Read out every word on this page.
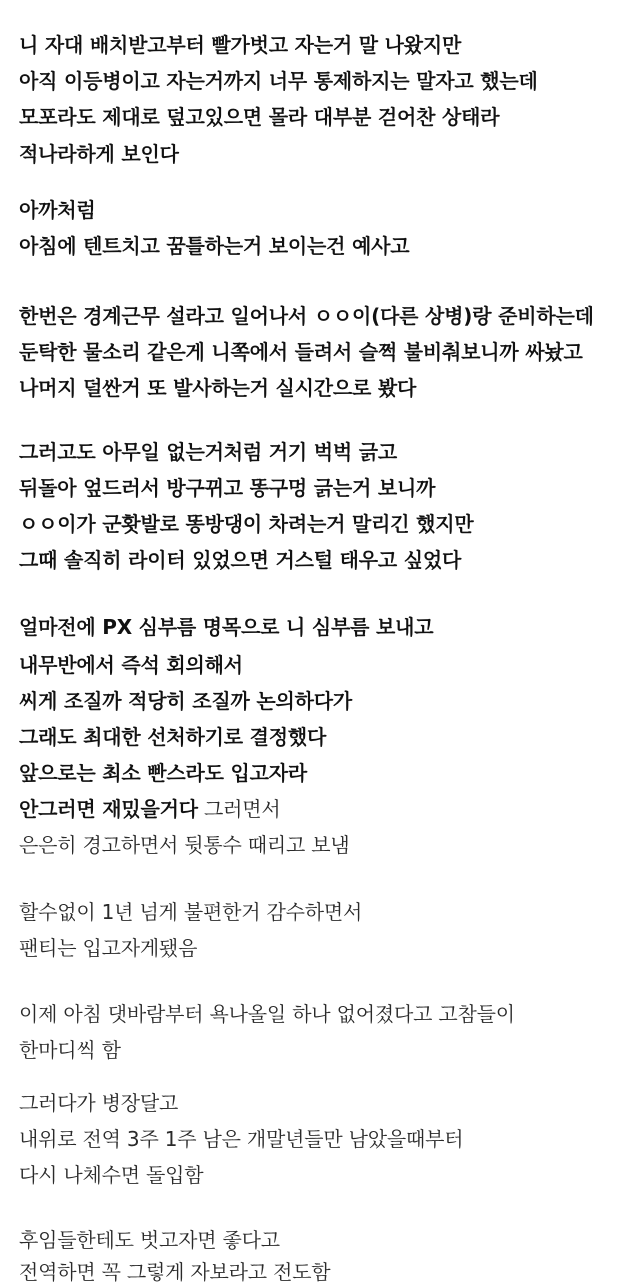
니 자대 배치받고부터 빨가벗고 자는거 말 나왔지만
아직 이등병이고 자는거까지 너무 통제하지는 말자고 했는데
모포라도 제대로 덮고있으면 몰라 대부분 걷어찬 상태라
적나라하게 보인다
아까처럼
아침에 텐트치고 꿈틀하는거 보이는건 예사고
한번은 경계근무 설라고 일어나서 ㅇㅇ이(다른 상병)랑 준비하는데
둔탁한 물소리 같은게 니쪽에서 들려서 슬쩍 불비춰보니까 싸놨고
나머지 덜싼거 또 발사하는거 실시간으로 봤다
그러고도 아무일 없는거처럼 거기 벅벅 긁고
뒤돌아 엎드러서 방구뀌고 똥구멍 긁는거 보니까
ㅇㅇ이가 군홧발로 똥방댕이 차려는거 말리긴 했지만
그때 솔직히 라이터 있었으면 거스털 태우고 싶었다
얼마전에 PX 심부름 명목으로 니 심부름 보내고
내무반에서 즉석 회의해서
씨게 조질까 적당히 조질까 논의하다가
그래도 최대한 선처하기로 결정했다
앞으로는 최소 빤스라도 입고자라
안그러면 재밌을거다 그러면서
은은히 경고하면서 뒷통수 때리고 보냄
할수없이 1년 넘게 불편한거 감수하면서
팬티는 입고자게됐음
이제 아침 댓바람부터 욕나올일 하나 없어졌다고 고참들이
한마디씩 함
그러다가 병장달고
내위로 전역 3주 1주 남은 개말년들만 남았을때부터
다시 나체수면 돌입함
후임들한테도 벗고자면 좋다고
전역하면 꼭 그렇게 자보라고 전도함
